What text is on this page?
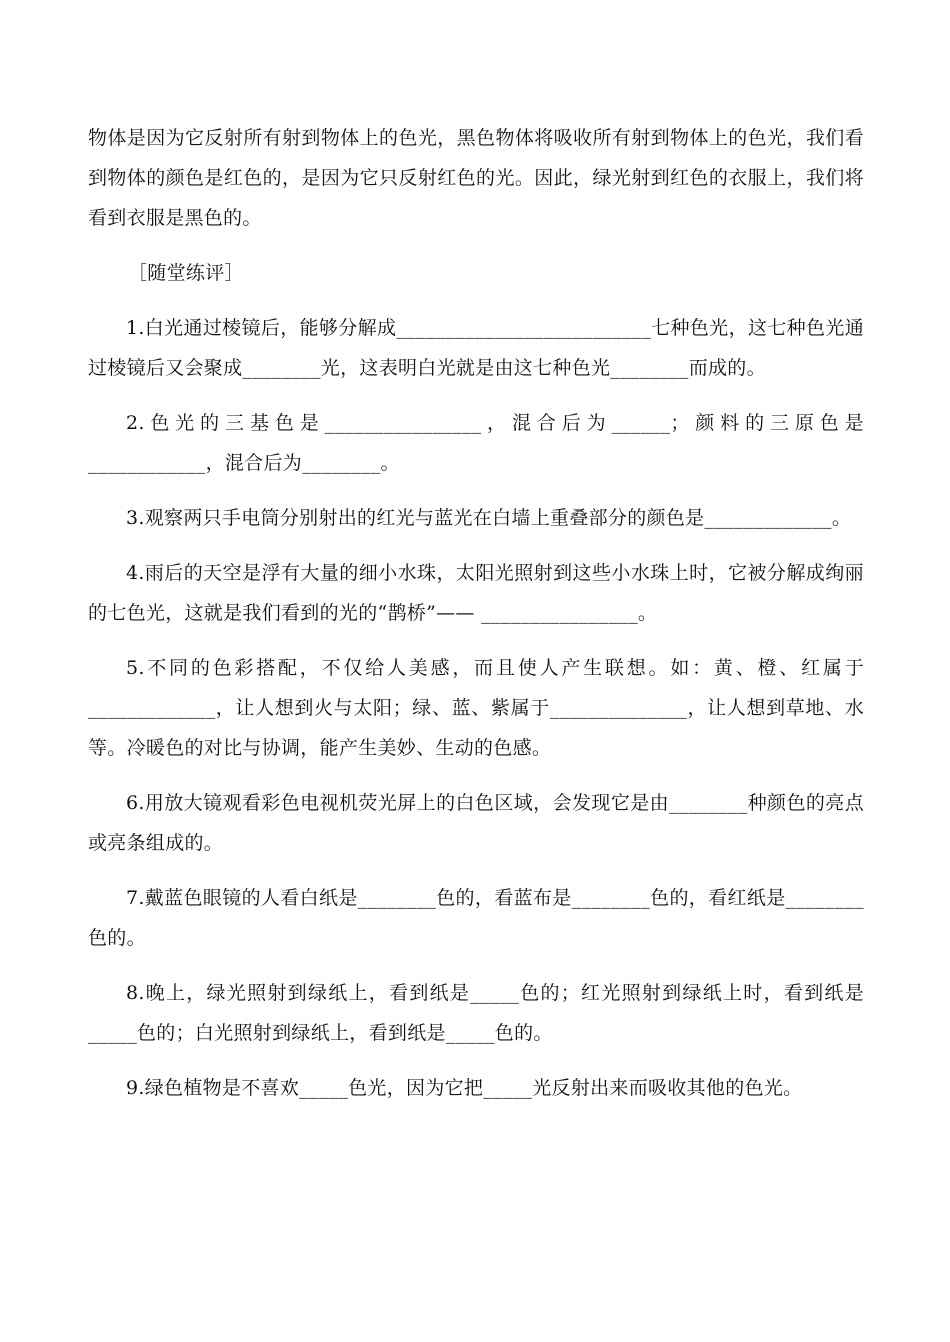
物体是因为它反射所有射到物体上的色光，黑色物体将吸收所有射到物体上的色光，我们看到物体的颜色是红色的，是因为它只反射红色的光。因此，绿光射到红色的衣服上，我们将看到衣服是黑色的。

［随堂练评］

1.白光通过棱镜后，能够分解成__________________________七种色光，这七种色光通过棱镜后又会聚成________光，这表明白光就是由这七种色光________而成的。

2.色光的三基色是________________，混合后为______；颜料的三原色是____________，混合后为________。

3.观察两只手电筒分别射出的红光与蓝光在白墙上重叠部分的颜色是_____________。

4.雨后的天空是浮有大量的细小水珠，太阳光照射到这些小水珠上时，它被分解成绚丽的七色光，这就是我们看到的光的“鹊桥”—— ________________。

5.不同的色彩搭配，不仅给人美感，而且使人产生联想。如：黄、橙、红属于_____________，让人想到火与太阳；绿、蓝、紫属于______________，让人想到草地、水等。冷暖色的对比与协调，能产生美妙、生动的色感。

6.用放大镜观看彩色电视机荧光屏上的白色区域，会发现它是由________种颜色的亮点或亮条组成的。

7.戴蓝色眼镜的人看白纸是________色的，看蓝布是________色的，看红纸是________色的。

8.晚上，绿光照射到绿纸上，看到纸是_____色的；红光照射到绿纸上时，看到纸是_____色的；白光照射到绿纸上，看到纸是_____色的。

9.绿色植物是不喜欢_____色光，因为它把_____光反射出来而吸收其他的色光。
